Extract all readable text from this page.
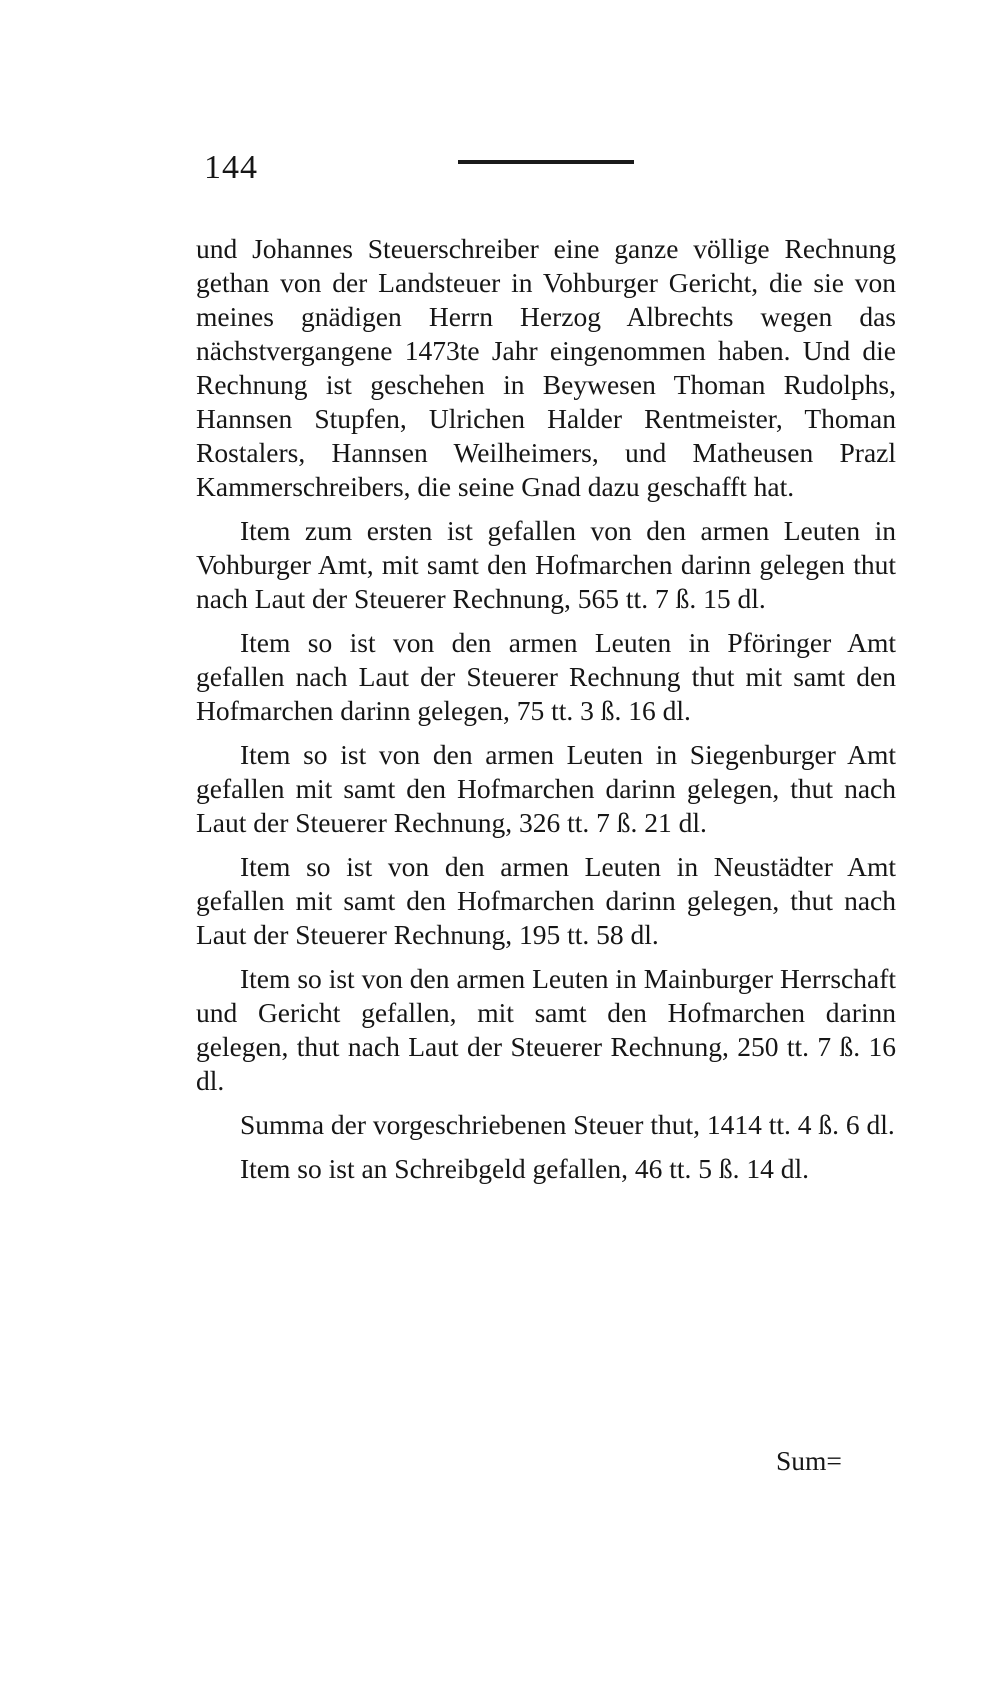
144

und Johannes Steuerschreiber eine ganze völlige Rechnung gethan von der Landsteuer in Vohburger Gericht, die sie von meines gnädigen Herrn Herzog Albrechts wegen das nächstvergangene 1473te Jahr eingenommen haben. Und die Rechnung ist geschehen in Beywesen Thoman Rudolphs, Hannsen Stupfen, Ulrichen Halder Rentmeister, Thoman Rostalers, Hannsen Weilheimers, und Matheusen Prazl Kammerschreibers, die seine Gnad dazu geschafft hat.

Item zum ersten ist gefallen von den armen Leuten in Vohburger Amt, mit samt den Hofmarchen darinn gelegen thut nach Laut der Steuerer Rechnung, 565 tt. 7 ß. 15 dl.

Item so ist von den armen Leuten in Pföringer Amt gefallen nach Laut der Steuerer Rechnung thut mit samt den Hofmarchen darinn gelegen, 75 tt. 3 ß. 16 dl.

Item so ist von den armen Leuten in Siegenburger Amt gefallen mit samt den Hofmarchen darinn gelegen, thut nach Laut der Steuerer Rechnung, 326 tt. 7 ß. 21 dl.

Item so ist von den armen Leuten in Neustädter Amt gefallen mit samt den Hofmarchen darinn gelegen, thut nach Laut der Steuerer Rechnung, 195 tt. 58 dl.

Item so ist von den armen Leuten in Mainburger Herrschaft und Gericht gefallen, mit samt den Hofmarchen darinn gelegen, thut nach Laut der Steuerer Rechnung, 250 tt. 7 ß. 16 dl.

Summa der vorgeschriebenen Steuer thut, 1414 tt. 4 ß. 6 dl.

Item so ist an Schreibgeld gefallen, 46 tt. 5 ß. 14 dl.

Sum=
